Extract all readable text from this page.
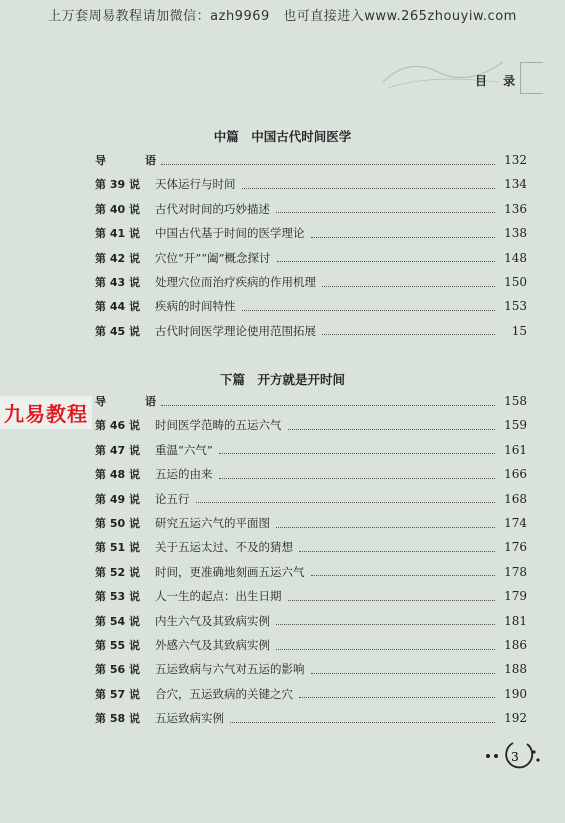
上万套周易教程请加微信：azh9969　也可直接进入www.265zhouyiw.com
目 录
中篇　中国古代时间医学
导　语	132
第 39 说	天体运行与时间	134
第 40 说	古代对时间的巧妙描述	136
第 41 说	中国古代基于时间的医学理论	138
第 42 说	穴位“开”“阖”概念探讨	148
第 43 说	处理穴位而治疗疾病的作用机理	150
第 44 说	疾病的时间特性	153
第 45 说	古代时间医学理论使用范围拓展	15
下篇　开方就是开时间
导　语	158
第 46 说	时间医学范畴的五运六气	159
第 47 说	重温“六气”	161
第 48 说	五运的由来	166
第 49 说	论五行	168
第 50 说	研究五运六气的平面图	174
第 51 说	关于五运太过、不及的猜想	176
第 52 说	时间，更准确地刻画五运六气	178
第 53 说	人一生的起点：出生日期	179
第 54 说	内生六气及其致病实例	181
第 55 说	外感六气及其致病实例	186
第 56 说	五运致病与六气对五运的影响	188
第 57 说	合穴，五运致病的关键之穴	190
第 58 说	五运致病实例	192
九易教程
3
